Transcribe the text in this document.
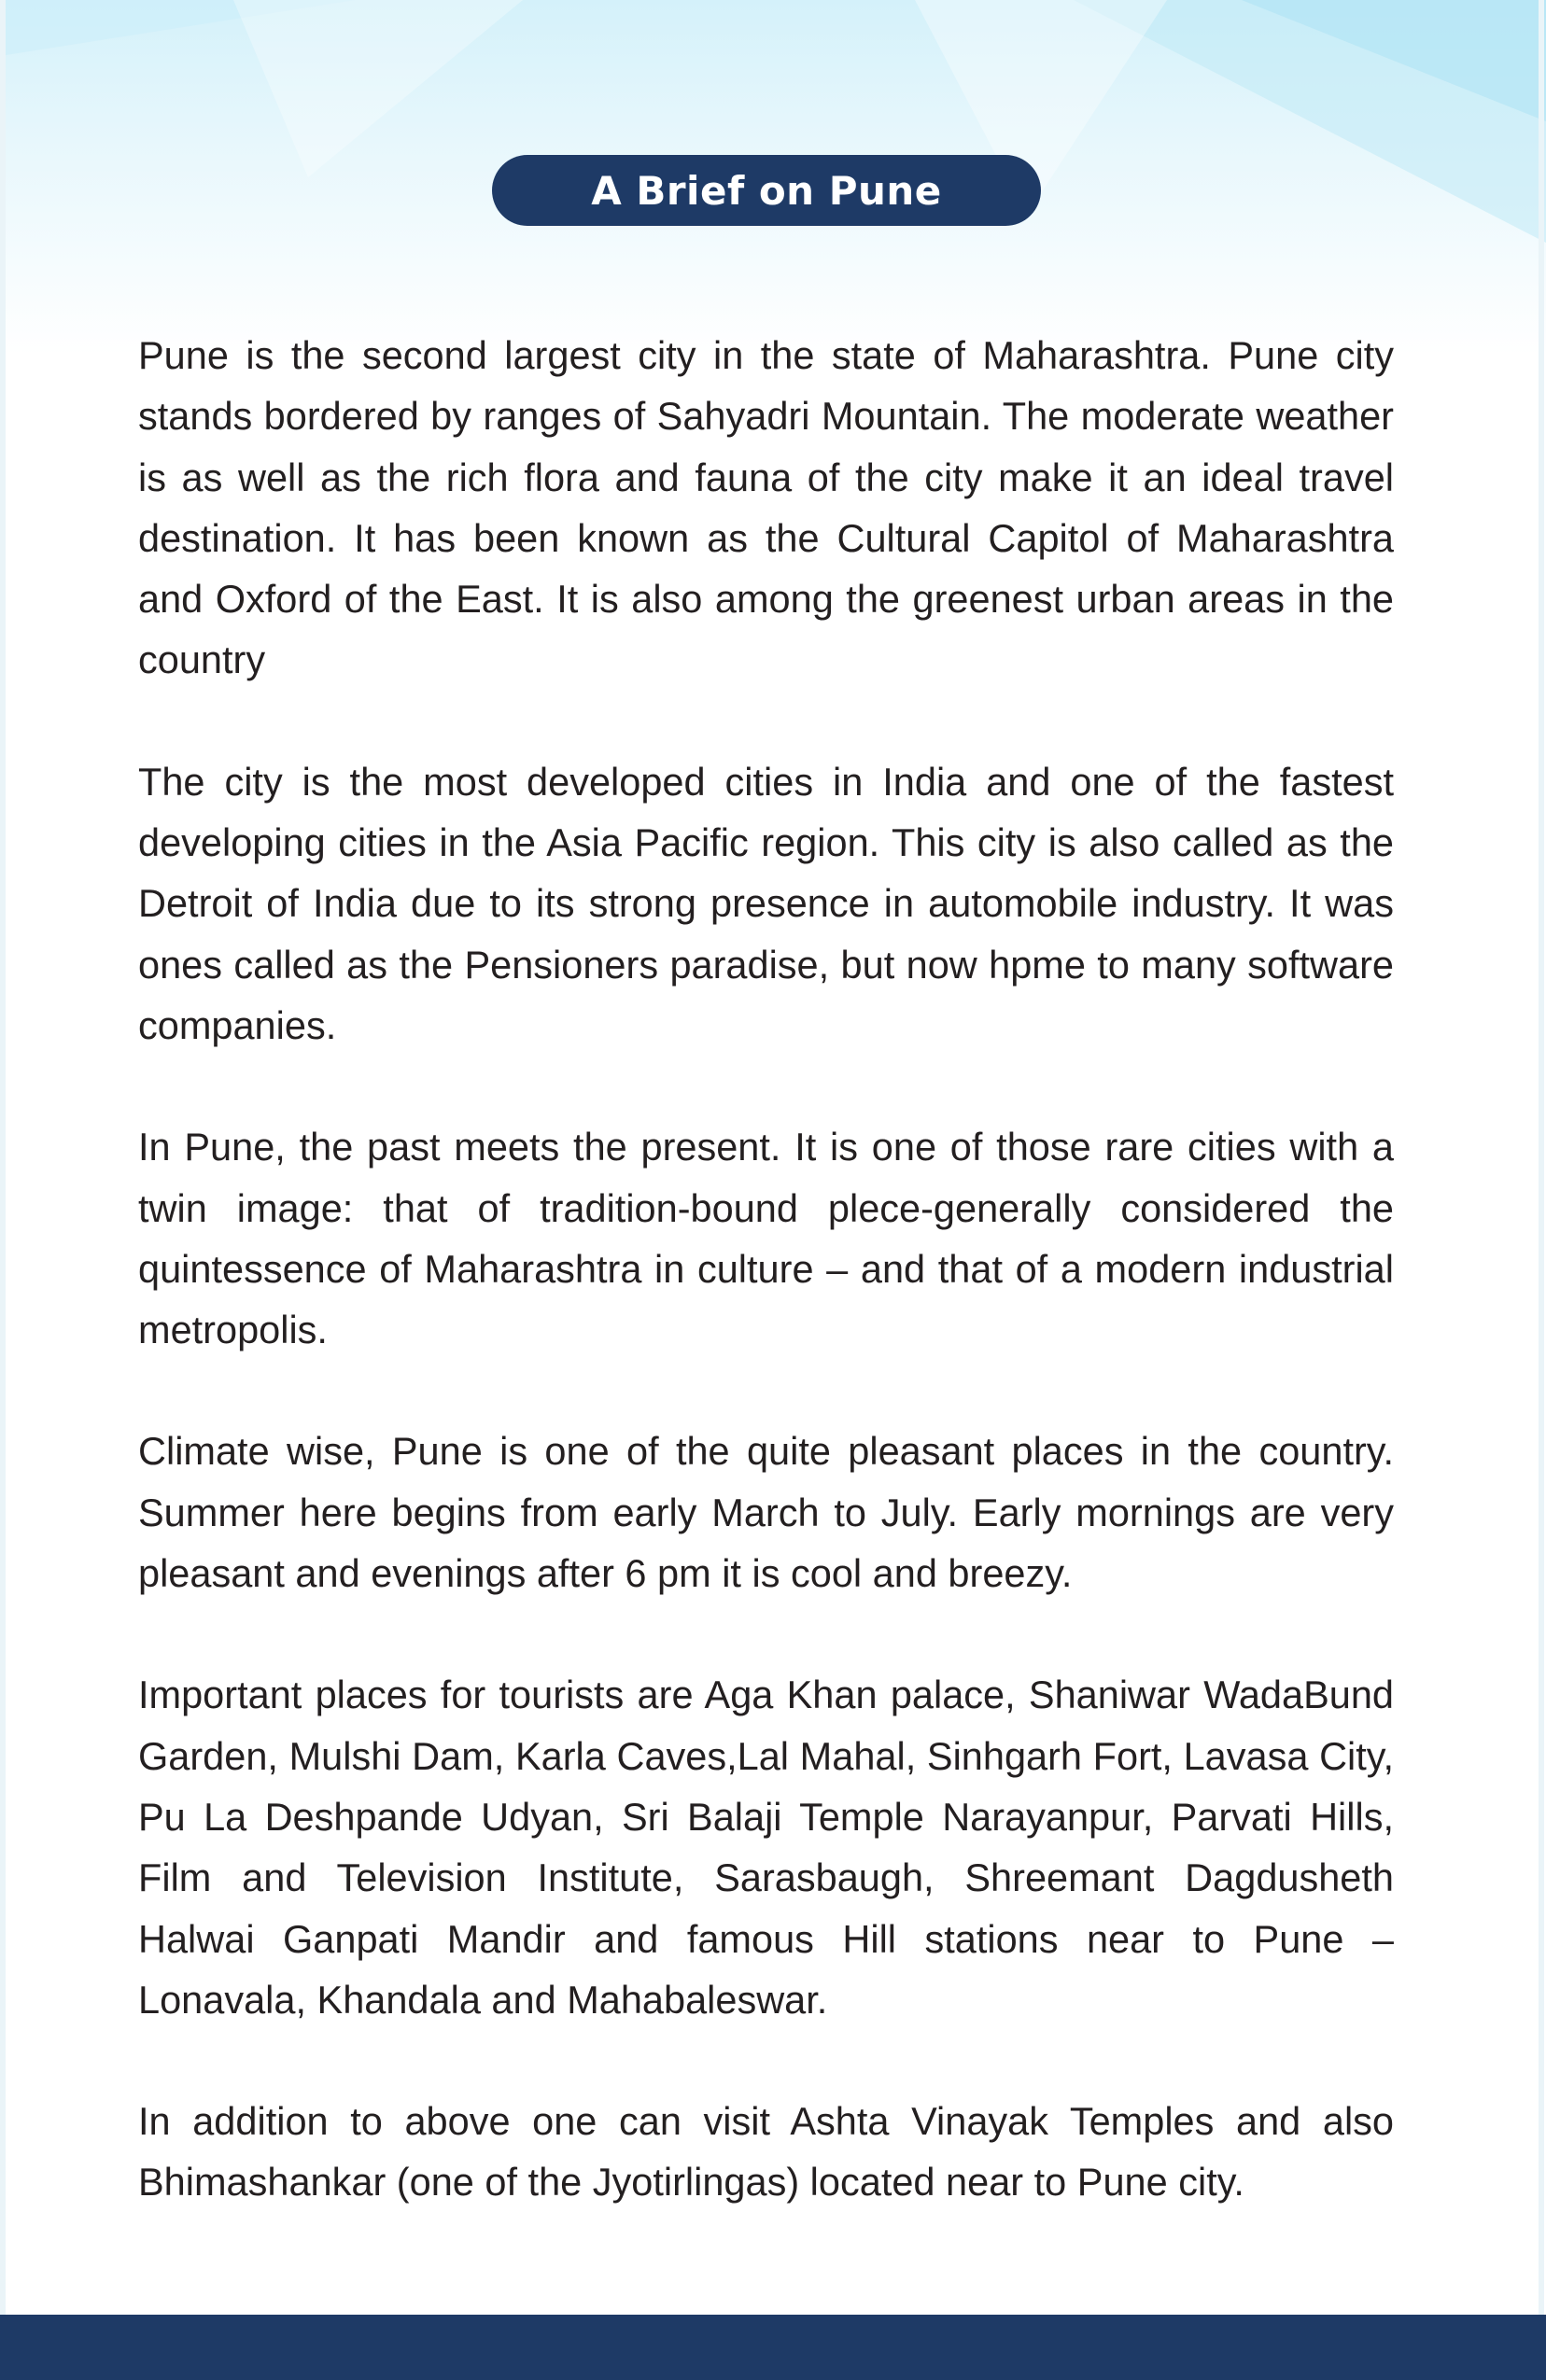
A Brief on Pune

Pune is the second largest city in the state of Maharashtra. Pune city stands bordered by ranges of Sahyadri Mountain. The moderate weather is as well as the rich flora and fauna of the city make it an ideal travel destination. It has been known as the Cultural Capitol of Maharashtra and Oxford of the East. It is also among the greenest urban areas in the country

The city is the most developed cities in India and one of the fastest developing cities in the Asia Pacific region. This city is also called as the Detroit of India due to its strong presence in automobile industry. It was ones called as the Pensioners paradise, but now hpme to many software companies.

In Pune, the past meets the present. It is one of those rare cities with a twin image: that of tradition-bound plece-generally considered the quintessence of Maharashtra in culture – and that of a modern industrial metropolis.

Climate wise, Pune is one of the quite pleasant places in the country. Summer here begins from early March to July. Early mornings are very pleasant and evenings after 6 pm it is cool and breezy.

Important places for tourists are Aga Khan palace, Shaniwar WadaBund Garden, Mulshi Dam, Karla Caves,Lal Mahal, Sinhgarh Fort, Lavasa City, Pu La Deshpande Udyan, Sri Balaji Temple Narayanpur, Parvati Hills, Film and Television Institute, Sarasbaugh, Shreemant Dagdusheth Halwai Ganpati Mandir and famous Hill stations near to Pune – Lonavala, Khandala and Mahabaleswar.

In addition to above one can visit Ashta Vinayak Temples and also Bhimashankar (one of the Jyotirlingas) located near to Pune city.
